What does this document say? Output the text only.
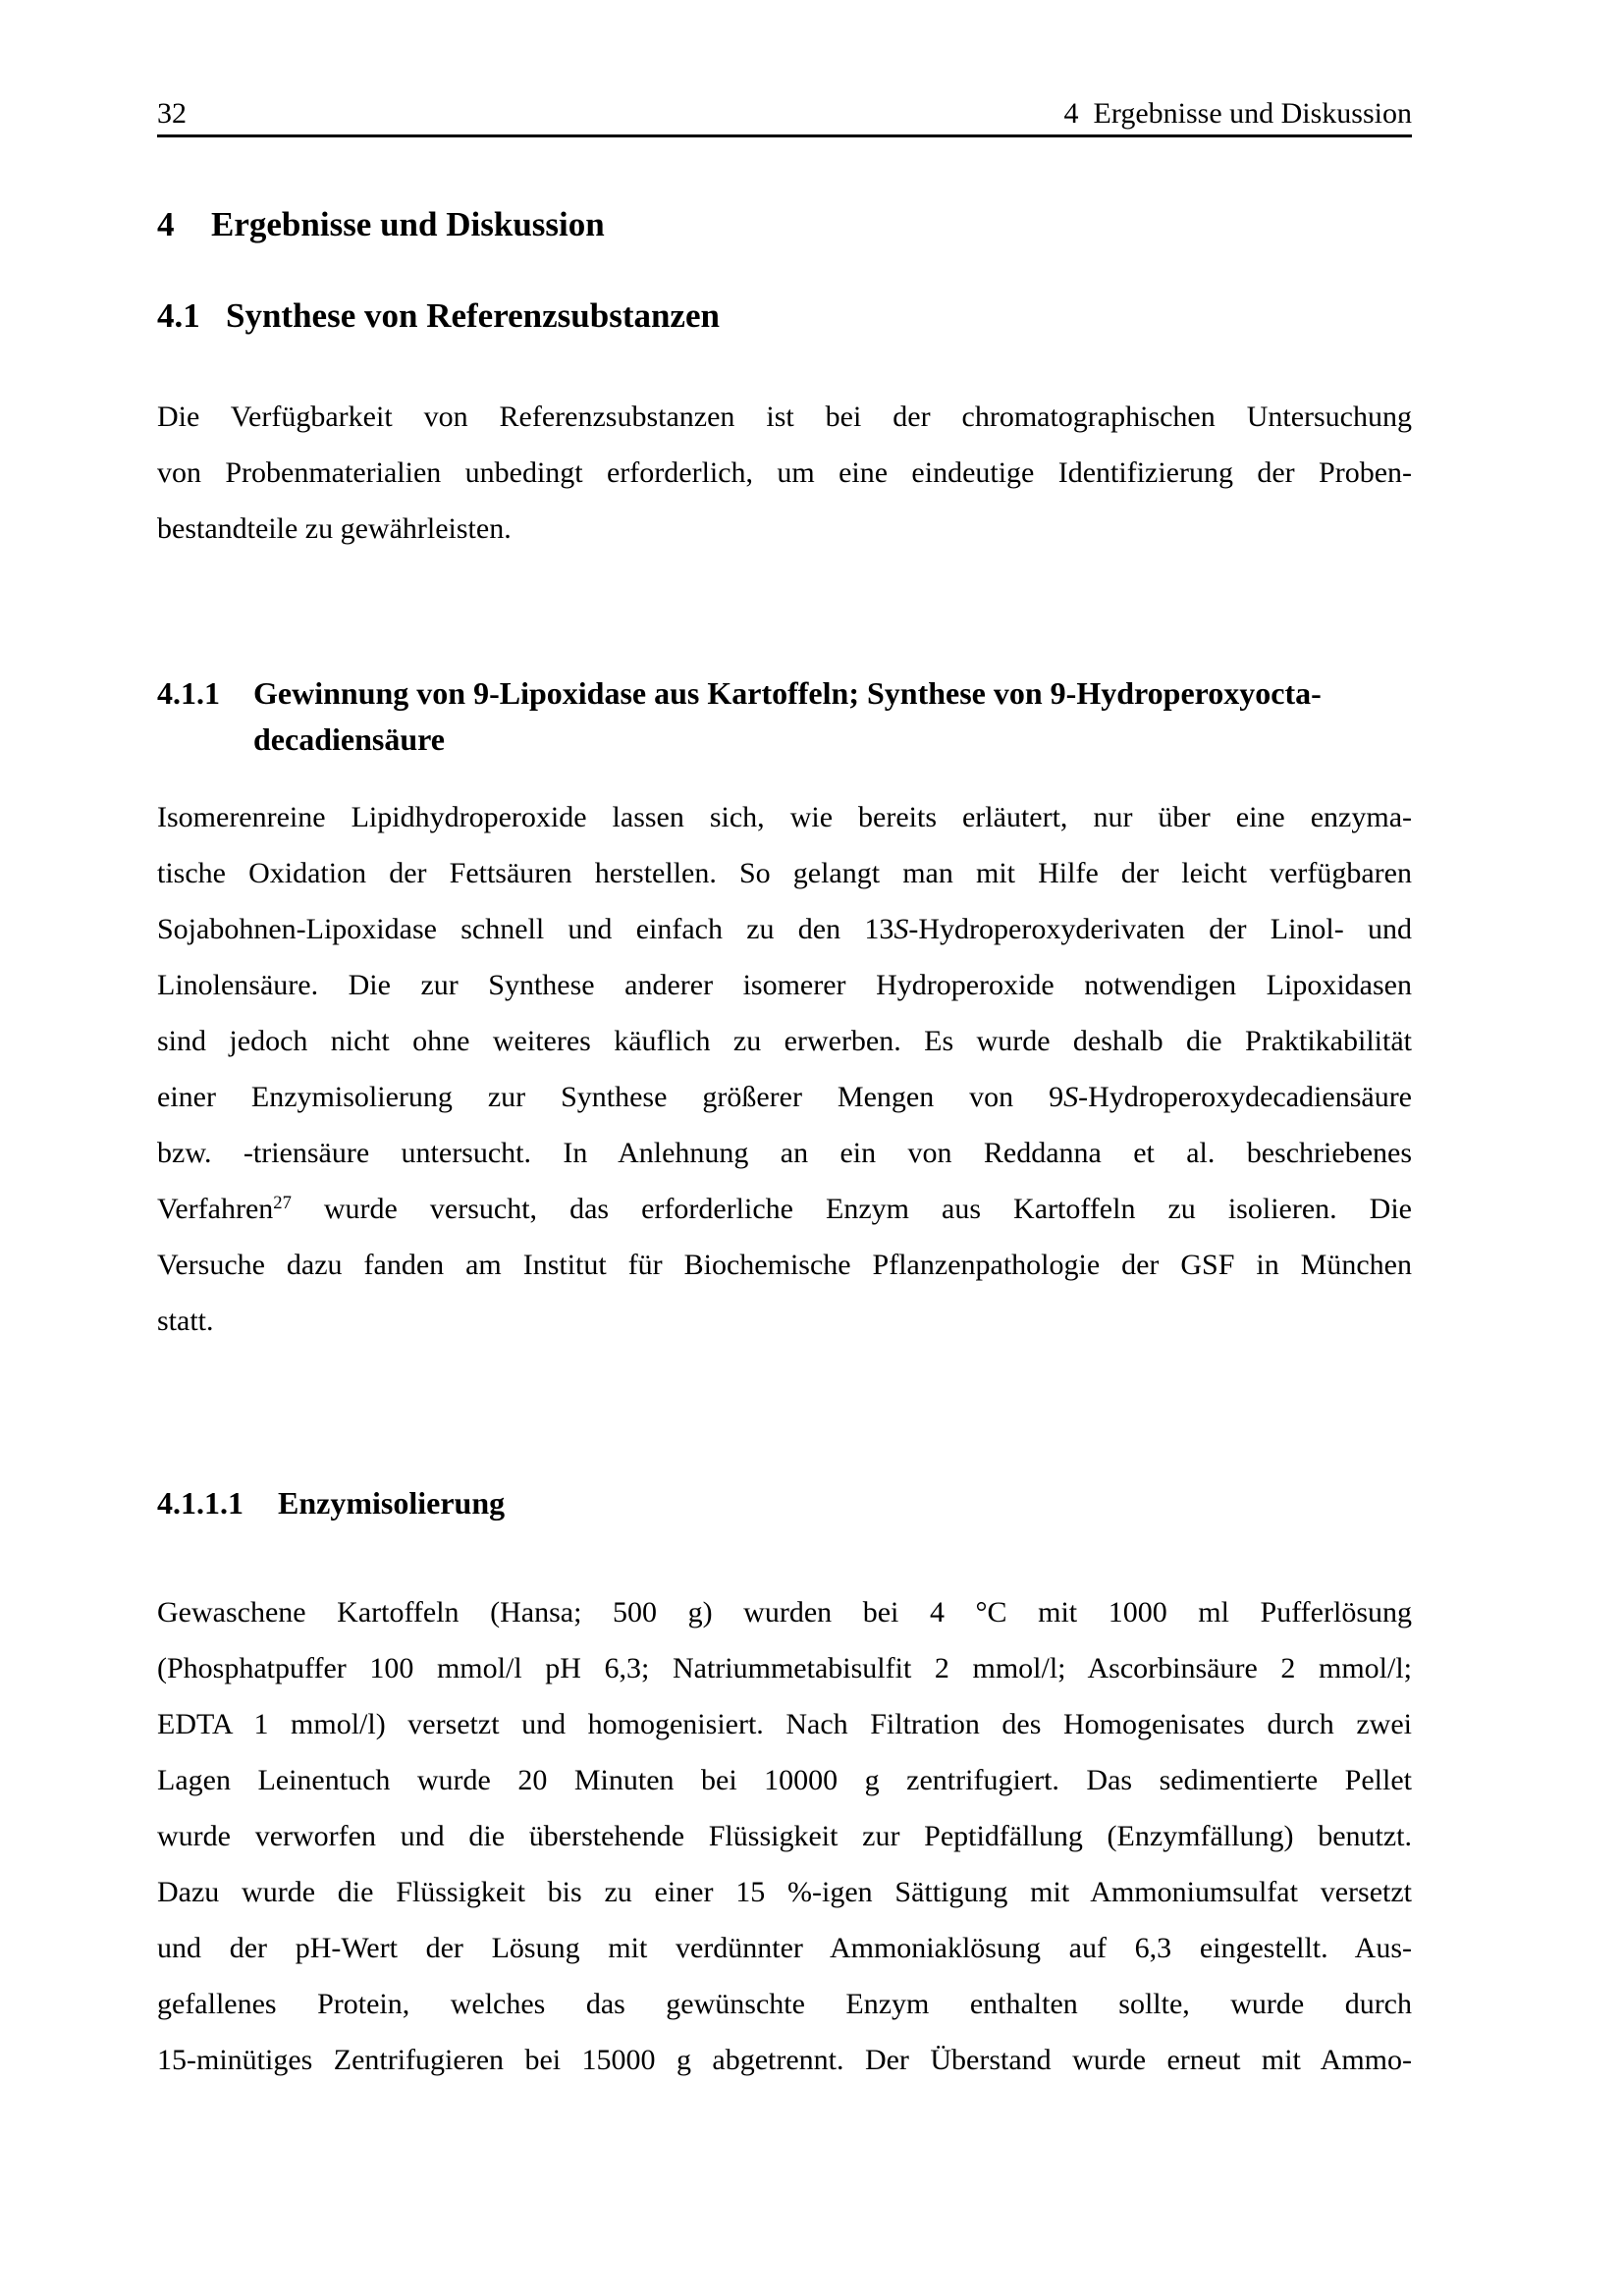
32	4 Ergebnisse und Diskussion
4	Ergebnisse und Diskussion
4.1 Synthese von Referenzsubstanzen
Die Verfügbarkeit von Referenzsubstanzen ist bei der chromatographischen Untersuchung
von Probenmaterialien unbedingt erforderlich, um eine eindeutige Identifizierung der Proben-
bestandteile zu gewährleisten.
4.1.1	Gewinnung von 9-Lipoxidase aus Kartoffeln; Synthese von 9-Hydroperoxyocta-
decadiensäure
Isomerenreine Lipidhydroperoxide lassen sich, wie bereits erläutert, nur über eine enzyma-
tische Oxidation der Fettsäuren herstellen. So gelangt man mit Hilfe der leicht verfügbaren
Sojabohnen-Lipoxidase schnell und einfach zu den 13S-Hydroperoxyderivaten der Linol- und
Linolensäure. Die zur Synthese anderer isomerer Hydroperoxide notwendigen Lipoxidasen
sind jedoch nicht ohne weiteres käuflich zu erwerben. Es wurde deshalb die Praktikabilität
einer Enzymisolierung zur Synthese größerer Mengen von 9S-Hydroperoxydecadiensäure
bzw. -triensäure untersucht. In Anlehnung an ein von Reddanna et al. beschriebenes
Verfahren$^{27}$ wurde versucht, das erforderliche Enzym aus Kartoffeln zu isolieren. Die
Versuche dazu fanden am Institut für Biochemische Pflanzenpathologie der GSF in München
statt.
4.1.1.1	Enzymisolierung
Gewaschene Kartoffeln (Hansa; 500 g) wurden bei 4 °C mit 1000 ml Pufferlösung
(Phosphatpuffer 100 mmol/l pH 6,3; Natriummetabisulfit 2 mmol/l; Ascorbinsäure 2 mmol/l;
EDTA 1 mmol/l) versetzt und homogenisiert. Nach Filtration des Homogenisates durch zwei
Lagen Leinentuch wurde 20 Minuten bei 10000 g zentrifugiert. Das sedimentierte Pellet
wurde verworfen und die überstehende Flüssigkeit zur Peptidfällung (Enzymfällung) benutzt.
Dazu wurde die Flüssigkeit bis zu einer 15 %-igen Sättigung mit Ammoniumsulfat versetzt
und der pH-Wert der Lösung mit verdünnter Ammoniaklösung auf 6,3 eingestellt. Aus-
gefallenes Protein, welches das gewünschte Enzym enthalten sollte, wurde durch
15-minütiges Zentrifugieren bei 15000 g abgetrennt. Der Überstand wurde erneut mit Ammo-
